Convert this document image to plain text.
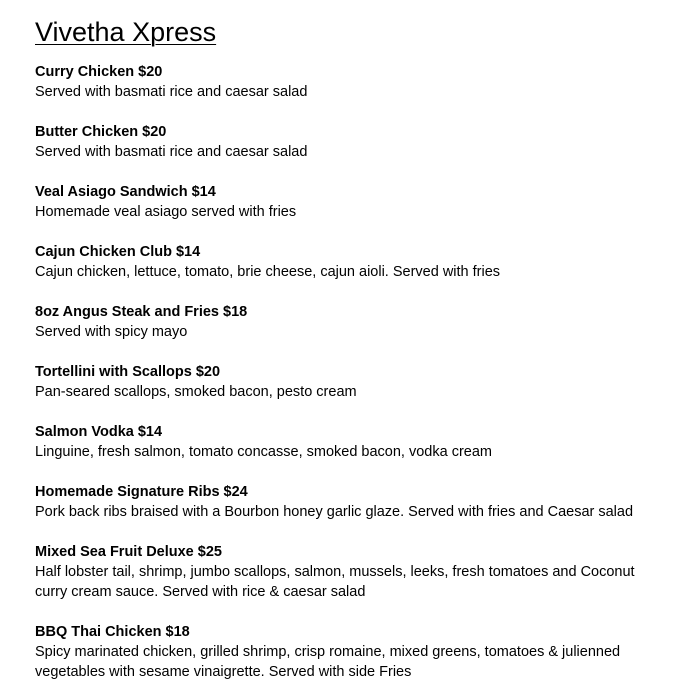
Vivetha Xpress

Curry Chicken $20

Served with basmati rice and caesar salad

Butter Chicken $20

Served with basmati rice and caesar salad

Veal Asiago Sandwich $14

Homemade veal asiago served with fries

Cajun Chicken Club $14

Cajun chicken, lettuce, tomato, brie cheese, cajun aioli. Served with fries

8oz Angus Steak and Fries $18

Served with spicy mayo

Tortellini with Scallops $20

Pan-seared scallops, smoked bacon, pesto cream

Salmon Vodka $14

Linguine, fresh salmon, tomato concasse, smoked bacon, vodka cream

Homemade Signature Ribs $24

Pork back ribs braised with a Bourbon honey garlic glaze. Served with fries and Caesar salad

Mixed Sea Fruit Deluxe $25

Half lobster tail, shrimp, jumbo scallops, salmon, mussels, leeks, fresh tomatoes and Coconut curry cream sauce. Served with rice & caesar salad

BBQ Thai Chicken $18

Spicy marinated chicken, grilled shrimp, crisp romaine, mixed greens, tomatoes & julienned vegetables with sesame vinaigrette. Served with side Fries
